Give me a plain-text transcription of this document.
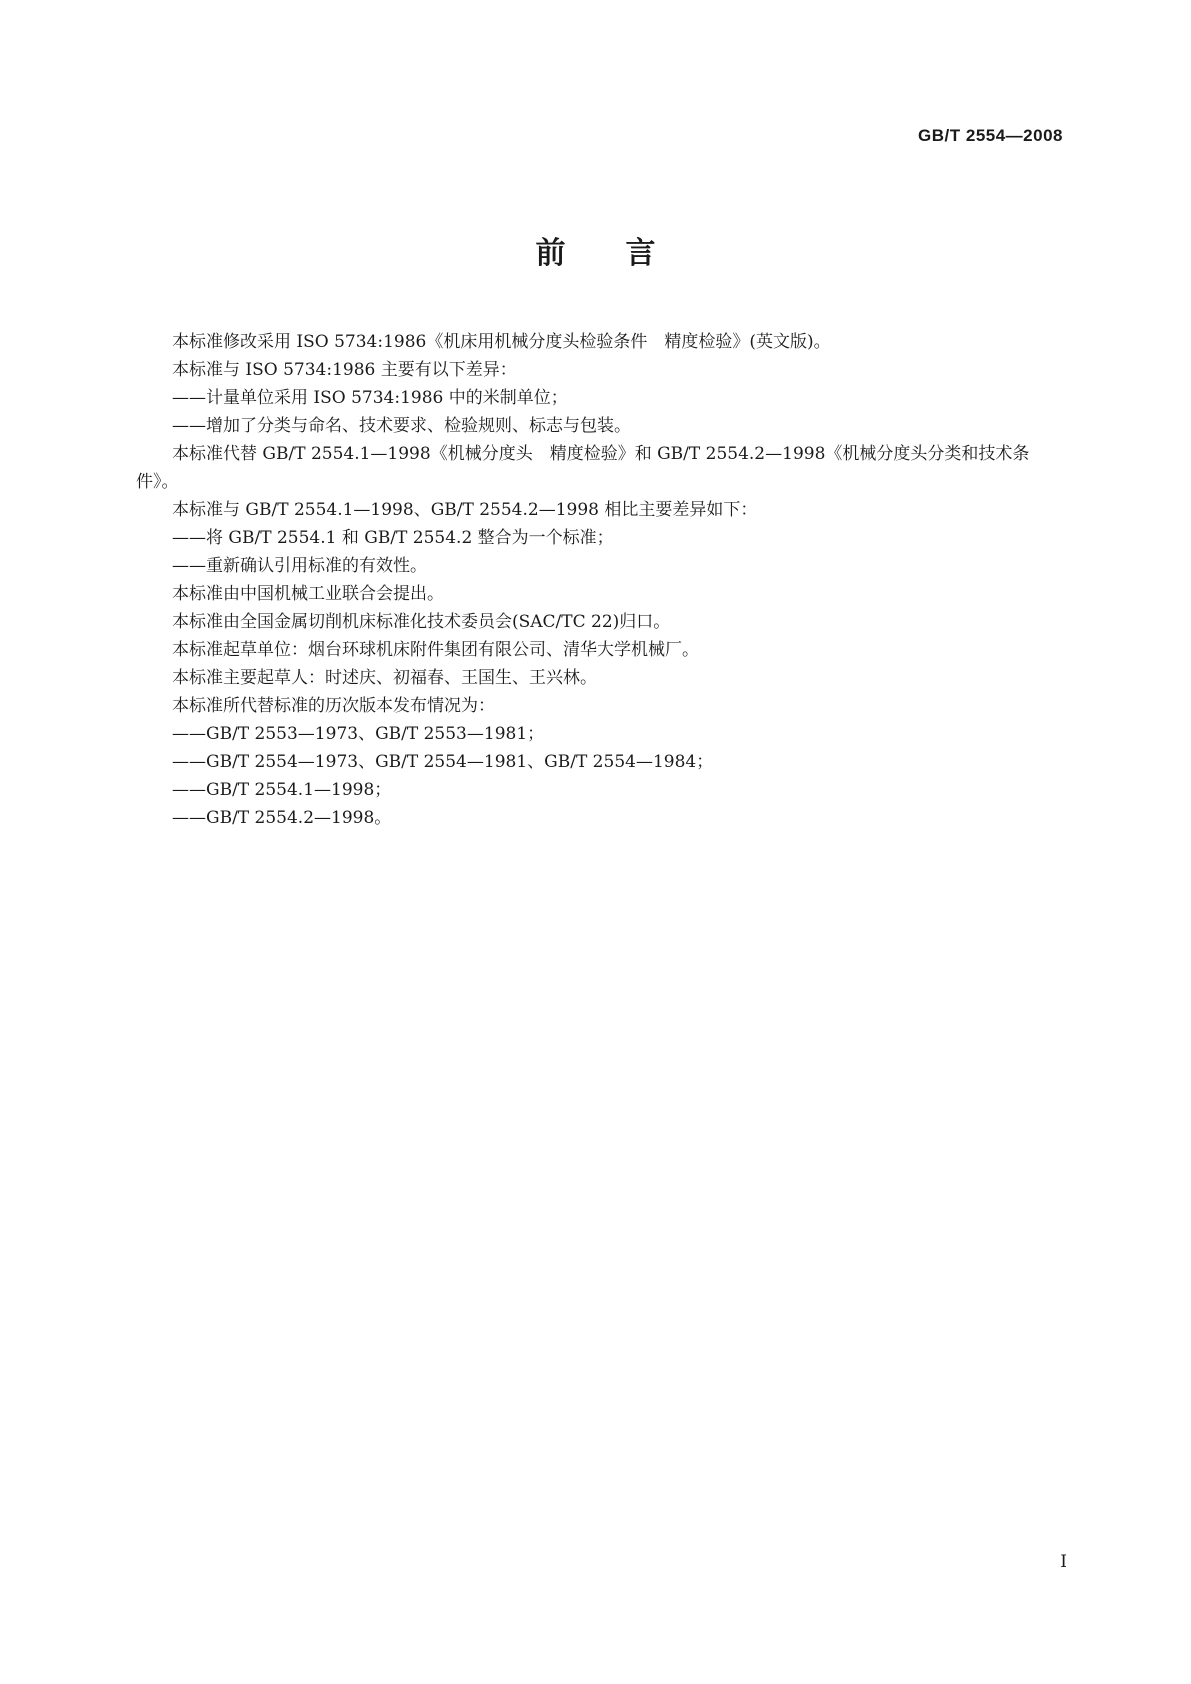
GB/T 2554—2008
前言

本标准修改采用 ISO 5734:1986《机床用机械分度头检验条件　精度检验》(英文版)。

本标准与 ISO 5734:1986 主要有以下差异：

——计量单位采用 ISO 5734:1986 中的米制单位；

——增加了分类与命名、技术要求、检验规则、标志与包装。

本标准代替 GB/T 2554.1—1998《机械分度头　精度检验》和 GB/T 2554.2—1998《机械分度头分类和技术条件》。

本标准与 GB/T 2554.1—1998、GB/T 2554.2—1998 相比主要差异如下：

——将 GB/T 2554.1 和 GB/T 2554.2 整合为一个标准；

——重新确认引用标准的有效性。

本标准由中国机械工业联合会提出。

本标准由全国金属切削机床标准化技术委员会(SAC/TC 22)归口。

本标准起草单位：烟台环球机床附件集团有限公司、清华大学机械厂。

本标准主要起草人：时述庆、初福春、王国生、王兴林。

本标准所代替标准的历次版本发布情况为：

——GB/T 2553—1973、GB/T 2553—1981；

——GB/T 2554—1973、GB/T 2554—1981、GB/T 2554—1984；

——GB/T 2554.1—1998；

——GB/T 2554.2—1998。

I
